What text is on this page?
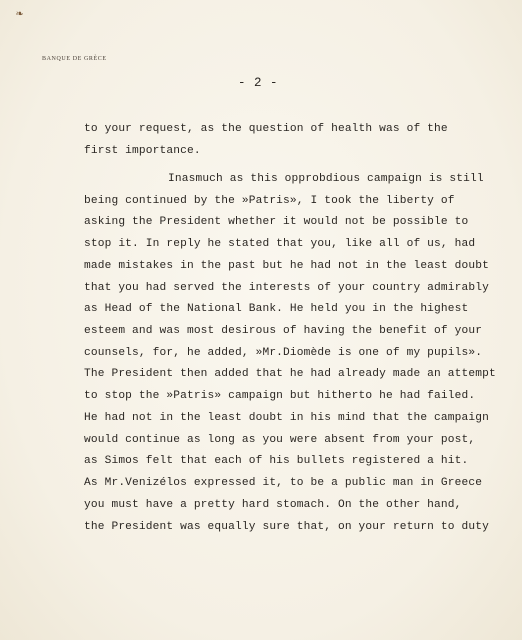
❧
BANQUE DE GRÈCE
- 2 -
to your request, as the question of health was of the
first importance.
Inasmuch as this opprobdious campaign is still
being continued by the »Patris», I took the liberty of
asking the President whether it would not be possible to
stop it. In reply he stated that you, like all of us, had
made mistakes in the past but he had not in the least doubt
that you had served the interests of your country admirably
as Head of the National Bank. He held you in the highest
esteem and was most desirous of having the benefit of your
counsels, for, he added, »Mr.Diomède is one of my pupils».
The President then added that he had already made an attempt
to stop the »Patris» campaign but hitherto he had failed.
He had not in the least doubt in his mind that the campaign
would continue as long as you were absent from your post,
as Simos felt that each of his bullets registered a hit.
As Mr.Venizélos expressed it, to be a public man in Greece
you must have a pretty hard stomach. On the other hand,
the President was equally sure that, on your return to duty
